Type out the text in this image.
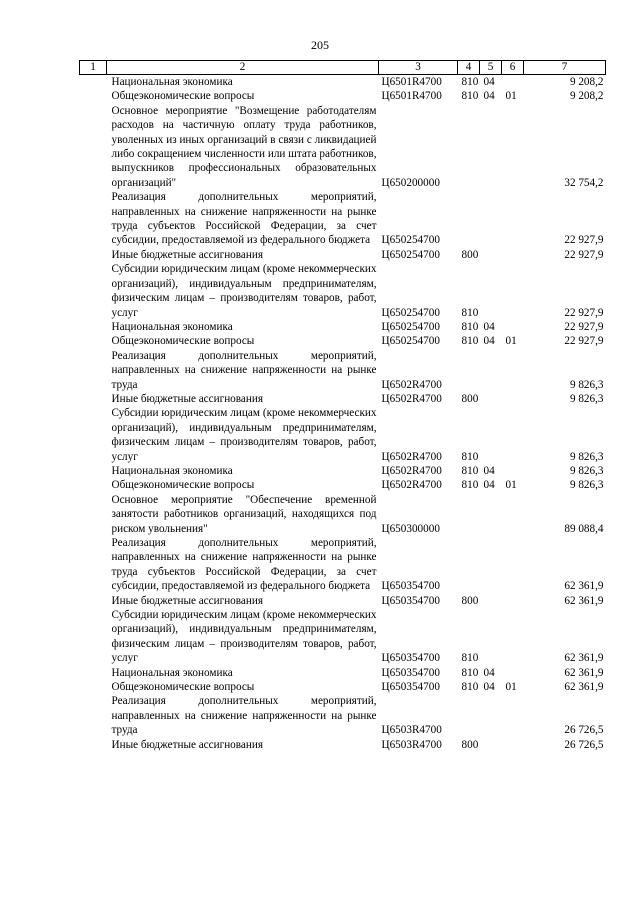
205
1	2	3	4	5	6	7
	Национальная экономика	Ц6501R4700	810	04		9 208,2
	Общеэкономические вопросы	Ц6501R4700	810	04	01	9 208,2
	Основное мероприятие "Возмещение работодателям расходов на частичную оплату труда работников, уволенных из иных организаций в связи с ликвидацией либо сокращением численности или штата работников, выпускников профессиональных образовательных организаций"	Ц650200000				32 754,2
	Реализация дополнительных мероприятий, направленных на снижение напряженности на рынке труда субъектов Российской Федерации, за счет субсидии, предоставляемой из федерального бюджета	Ц650254700				22 927,9
	Иные бюджетные ассигнования	Ц650254700	800			22 927,9
	Субсидии юридическим лицам (кроме некоммерческих организаций), индивидуальным предпринимателям, физическим лицам – производителям товаров, работ, услуг	Ц650254700	810			22 927,9
	Национальная экономика	Ц650254700	810	04		22 927,9
	Общеэкономические вопросы	Ц650254700	810	04	01	22 927,9
	Реализация дополнительных мероприятий, направленных на снижение напряженности на рынке труда	Ц6502R4700				9 826,3
	Иные бюджетные ассигнования	Ц6502R4700	800			9 826,3
	Субсидии юридическим лицам (кроме некоммерческих организаций), индивидуальным предпринимателям, физическим лицам – производителям товаров, работ, услуг	Ц6502R4700	810			9 826,3
	Национальная экономика	Ц6502R4700	810	04		9 826,3
	Общеэкономические вопросы	Ц6502R4700	810	04	01	9 826,3
	Основное мероприятие "Обеспечение временной занятости работников организаций, находящихся под риском увольнения"	Ц650300000				89 088,4
	Реализация дополнительных мероприятий, направленных на снижение напряженности на рынке труда субъектов Российской Федерации, за счет субсидии, предоставляемой из федерального бюджета	Ц650354700				62 361,9
	Иные бюджетные ассигнования	Ц650354700	800			62 361,9
	Субсидии юридическим лицам (кроме некоммерческих организаций), индивидуальным предпринимателям, физическим лицам – производителям товаров, работ, услуг	Ц650354700	810			62 361,9
	Национальная экономика	Ц650354700	810	04		62 361,9
	Общеэкономические вопросы	Ц650354700	810	04	01	62 361,9
	Реализация дополнительных мероприятий, направленных на снижение напряженности на рынке труда	Ц6503R4700				26 726,5
	Иные бюджетные ассигнования	Ц6503R4700	800			26 726,5
